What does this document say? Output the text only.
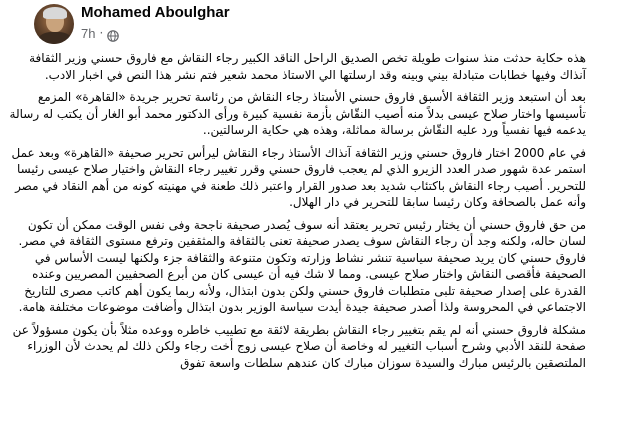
Mohamed Aboulghar
7h ·

هذه حكاية حدثت منذ سنوات طويلة تخص الصديق الراحل الناقد الكبير رجاء النقاش مع فاروق حسني وزير الثقافة آنذاك وفيها خطابات متبادلة بيني وبينه وقد ارسلتها الي الاستاذ محمد شعير فتم نشر هذا النص في اخبار الادب.

بعد أن استبعد وزير الثقافة الأسبق فاروق حسني الأستاذ رجاء النقاش من رئاسة تحرير جريدة «القاهرة» المزمع تأسيسها واختار صلاح عيسى بدلاً منه أصيب النقّاش بأزمة نفسية كبيرة ورأى الدكتور محمد أبو الغار أن يكتب له رسالة يدعمه فيها نفسياً ورد عليه النقّاش برسالة مماثلة، وهذه هي حكاية الرسالتين..

في عام 2000 اختار فاروق حسني وزير الثقافة آنذاك الأستاذ رجاء النقاش ليرأس تحرير صحيفة «القاهرة» وبعد عمل استمر عدة شهور صدر العدد الزيرو الذي لم يعجب فاروق حسني وقرر تغيير رجاء النقاش واختيار صلاح عيسى رئيسا للتحرير. أصيب رجاء النقاش باكتئاب شديد بعد صدور القرار واعتبر ذلك طعنة في مهنيته كونه من أهم النقاد في مصر وأنه عمل بالصحافة وكان رئيسا سابقا للتحرير في دار الهلال.

من حق فاروق حسني أن يختار رئيس تحرير يعتقد أنه سوف يُصدر صحيفة ناجحة وفى نفس الوقت ممكن أن تكون لسان حاله، ولكنه وجد أن رجاء النقاش سوف يصدر صحيفة تعنى بالثقافة والمثقفين وترفع مستوى الثقافة في مصر. فاروق حسني كان يريد صحيفة سياسية تنشر نشاط وزارته وتكون متنوعة والثقافة جزء ولكنها ليست الأساس في الصحيفة فأقصى النقاش واختار صلاح عيسى. ومما لا شك فيه أن عيسى كان من أبرع الصحفيين المصريين وعنده القدرة على إصدار صحيفة تلبى متطلبات فاروق حسني ولكن بدون ابتذال، ولأنه ربما يكون أهم كاتب مصرى للتاريخ الاجتماعي في المحروسة ولذا أصدر صحيفة جيدة أيدت سياسة الوزير بدون ابتذال وأضافت موضوعات مختلفة هامة.

مشكلة فاروق حسني أنه لم يقم بتغيير رجاء النقاش بطريقة لائقة مع تطييب خاطره ووعده مثلاً بأن يكون مسؤولاً عن صفحة للنقد الأدبي وشرح أسباب التغيير له وخاصة أن صلاح عيسى زوج أخت رجاء ولكن ذلك لم يحدث لأن الوزراء الملتصقين بالرئيس مبارك والسيدة سوزان مبارك كان عندهم سلطات واسعة تفوق
